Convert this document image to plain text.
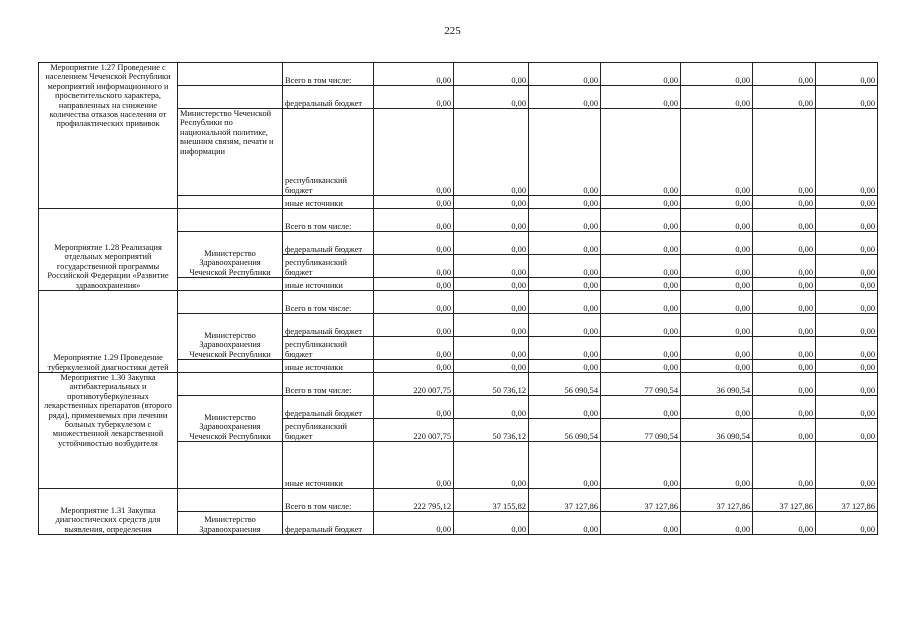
225
Мероприятие 1.27 Проведение с населением Чеченской Республики мероприятий информационного и просветительского характера, направленных на снижение количества отказов населения от профилактических прививок		Всего в том числе:	0,00	0,00	0,00	0,00	0,00	0,00	0,00
		федеральный бюджет	0,00	0,00	0,00	0,00	0,00	0,00	0,00
	Министерство Чеченской Республики по национальной политике, внешним связям, печати и информации	республиканский бюджет	0,00	0,00	0,00	0,00	0,00	0,00	0,00
		иные источники	0,00	0,00	0,00	0,00	0,00	0,00	0,00
Мероприятие 1.28 Реализация отдельных мероприятий государственной программы Российской Федерации «Развитие здравоохранения»		Всего в том числе:	0,00	0,00	0,00	0,00	0,00	0,00	0,00
	Министерство Здравоохранения Чеченской Республики	федеральный бюджет	0,00	0,00	0,00	0,00	0,00	0,00	0,00
		республиканский бюджет	0,00	0,00	0,00	0,00	0,00	0,00	0,00
		иные источники	0,00	0,00	0,00	0,00	0,00	0,00	0,00
Мероприятие 1.29 Проведение туберкулезной диагностики детей		Всего в том числе:	0,00	0,00	0,00	0,00	0,00	0,00	0,00
	Министерство Здравоохранения Чеченской Республики	федеральный бюджет	0,00	0,00	0,00	0,00	0,00	0,00	0,00
		республиканский бюджет	0,00	0,00	0,00	0,00	0,00	0,00	0,00
		иные источники	0,00	0,00	0,00	0,00	0,00	0,00	0,00
Мероприятие 1.30 Закупка антибактериальных и противотуберкулезных лекарственных препаратов (второго ряда), применяемых при лечении больных туберкулезом с множественной лекарственной устойчивостью возбудителя		Всего в том числе:	220 007,75	50 736,12	56 090,54	77 090,54	36 090,54	0,00	0,00
	Министерство Здравоохранения Чеченской Республики	федеральный бюджет	0,00	0,00	0,00	0,00	0,00	0,00	0,00
		республиканский бюджет	220 007,75	50 736,12	56 090,54	77 090,54	36 090,54	0,00	0,00
		иные источники	0,00	0,00	0,00	0,00	0,00	0,00	0,00
Мероприятие 1.31 Закупка диагностических средств для выявления, определения		Всего в том числе:	222 795,12	37 155,82	37 127,86	37 127,86	37 127,86	37 127,86	37 127,86
	Министерство Здравоохранения	федеральный бюджет	0,00	0,00	0,00	0,00	0,00	0,00	0,00
